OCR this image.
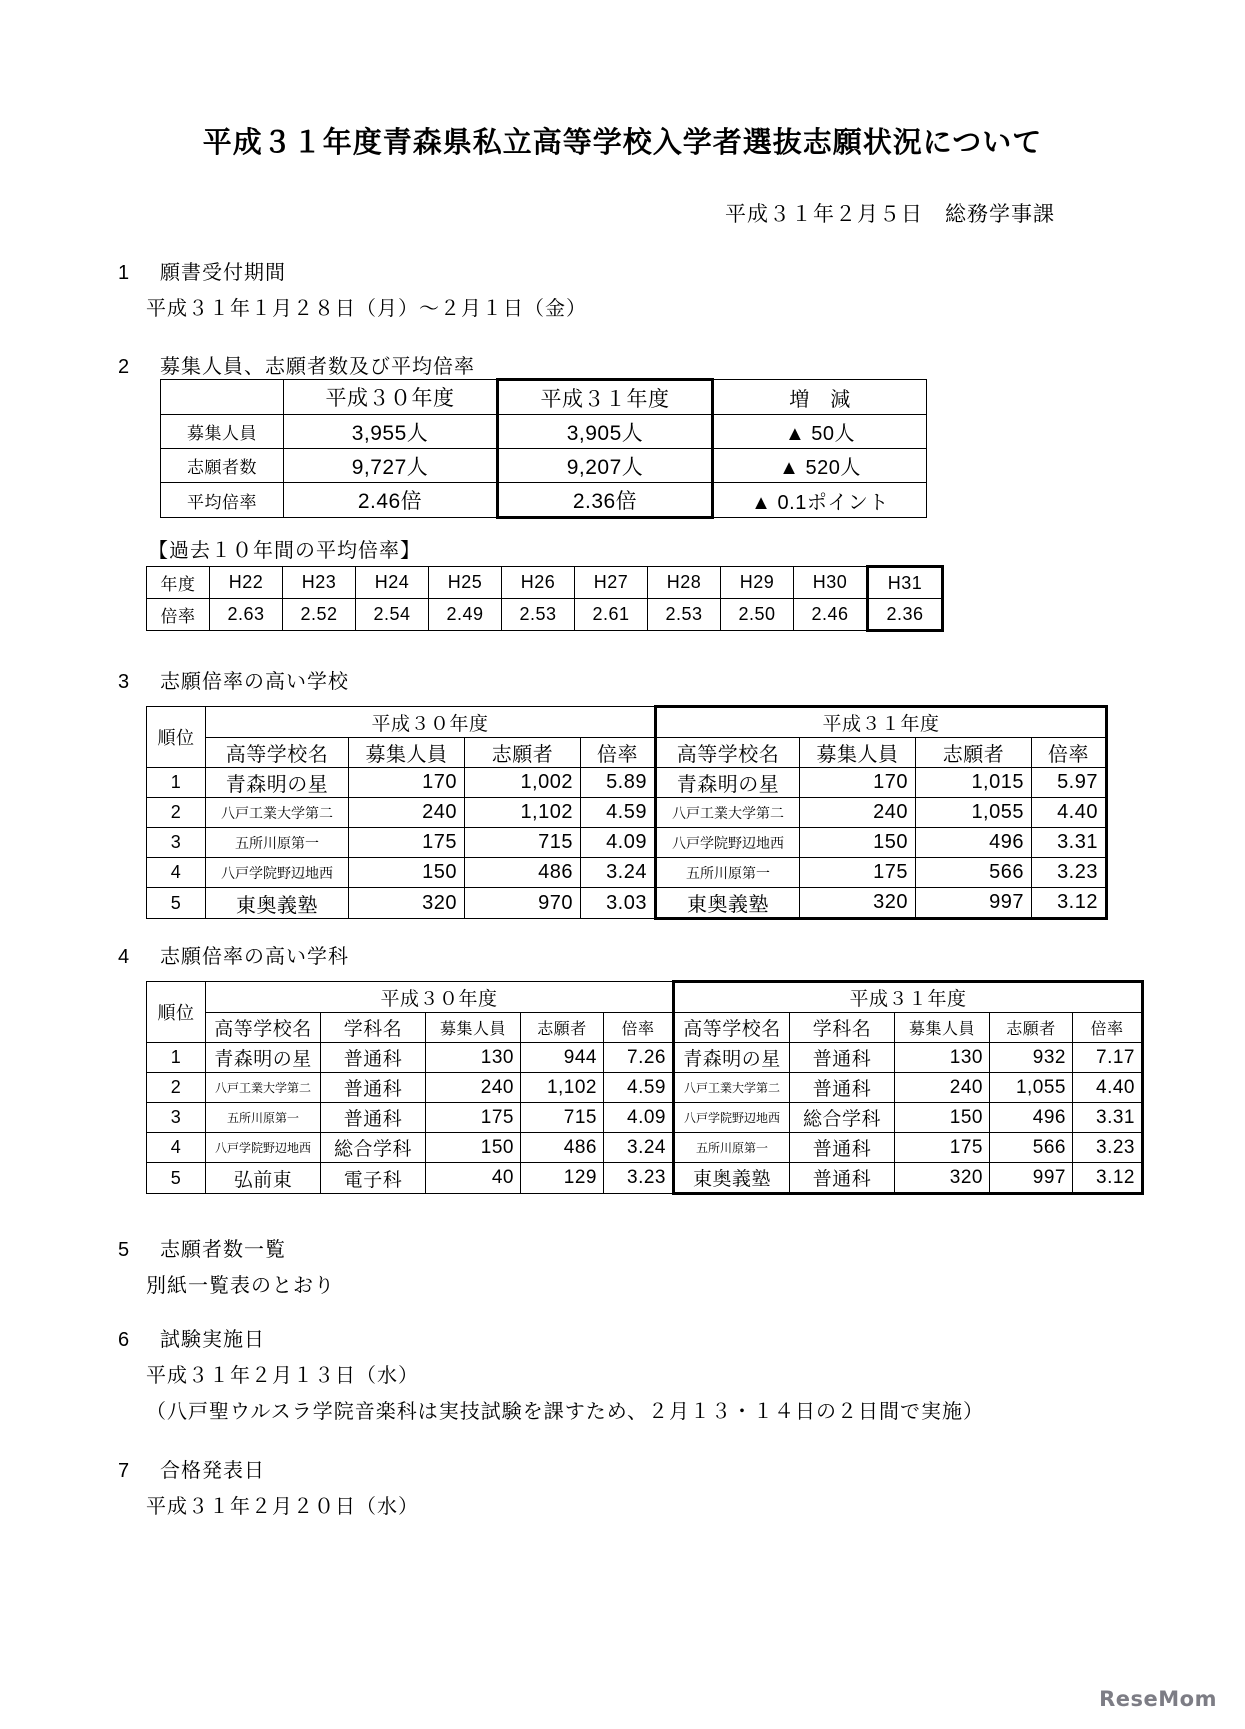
平成３１年度青森県私立高等学校入学者選抜志願状況について
平成３１年２月５日　総務学事課
1 願書受付期間
平成３１年１月２８日（月）～２月１日（金）
2 募集人員、志願者数及び平均倍率
	平成３０年度	平成３１年度	増　減
募集人員	3,955人	3,905人	▲ 50人
志願者数	9,727人	9,207人	▲ 520人
平均倍率	2.46倍	2.36倍	▲ 0.1ポイント
【過去１０年間の平均倍率】
年度	H22	H23	H24	H25	H26	H27	H28	H29	H30	H31
倍率	2.63	2.52	2.54	2.49	2.53	2.61	2.53	2.50	2.46	2.36
3 志願倍率の高い学校
順位	平成３０年度				平成３１年度			
	高等学校名	募集人員	志願者	倍率	高等学校名	募集人員	志願者	倍率
1	青森明の星	170	1,002	5.89	青森明の星	170	1,015	5.97
2	八戸工業大学第二	240	1,102	4.59	八戸工業大学第二	240	1,055	4.40
3	五所川原第一	175	715	4.09	八戸学院野辺地西	150	496	3.31
4	八戸学院野辺地西	150	486	3.24	五所川原第一	175	566	3.23
5	東奥義塾	320	970	3.03	東奥義塾	320	997	3.12
4 志願倍率の高い学科
順位	平成３０年度					平成３１年度				
	高等学校名	学科名	募集人員	志願者	倍率	高等学校名	学科名	募集人員	志願者	倍率
1	青森明の星	普通科	130	944	7.26	青森明の星	普通科	130	932	7.17
2	八戸工業大学第二	普通科	240	1,102	4.59	八戸工業大学第二	普通科	240	1,055	4.40
3	五所川原第一	普通科	175	715	4.09	八戸学院野辺地西	総合学科	150	496	3.31
4	八戸学院野辺地西	総合学科	150	486	3.24	五所川原第一	普通科	175	566	3.23
5	弘前東	電子科	40	129	3.23	東奥義塾	普通科	320	997	3.12
5 志願者数一覧
別紙一覧表のとおり
6 試験実施日
平成３１年２月１３日（水）
（八戸聖ウルスラ学院音楽科は実技試験を課すため、２月１３・１４日の２日間で実施）
7 合格発表日
平成３１年２月２０日（水）
ReseMom
